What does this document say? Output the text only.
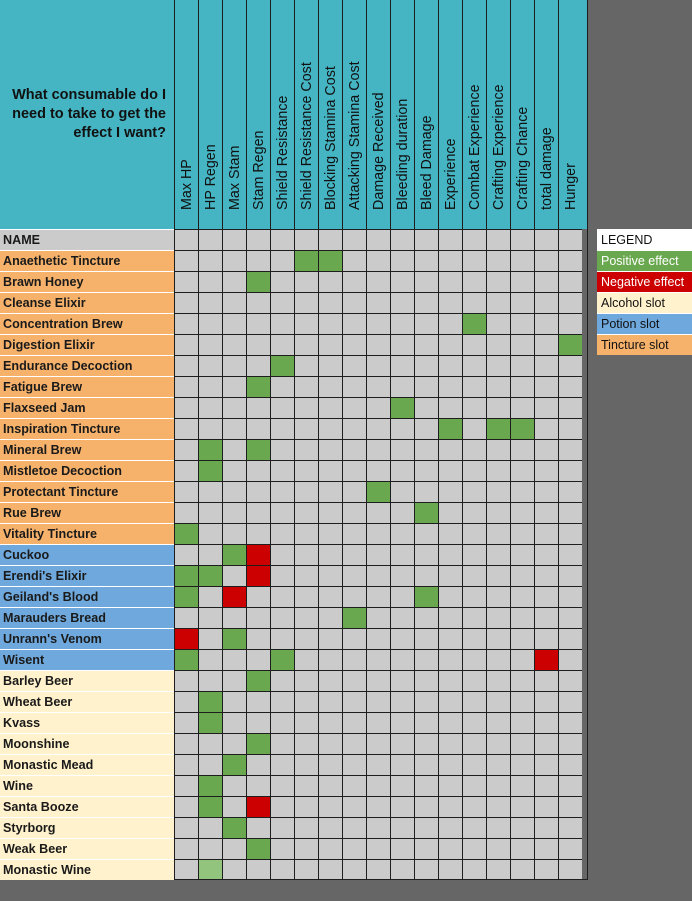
What consumable do I need to take to get the effect I want?
Max HP HP Regen Max Stam Stam Regen Shield Resistance Shield Resistance Cost Blocking Stamina Cost Attacking Stamina Cost Damage Received Bleeding duration Bleed Damage Experience Combat Experience Crafting Experience Crafting Chance total damage Hunger
NAME
Anaethetic Tincture
Brawn Honey
Cleanse Elixir
Concentration Brew
Digestion Elixir
Endurance Decoction
Fatigue Brew
Flaxseed Jam
Inspiration Tincture
Mineral Brew
Mistletoe Decoction
Protectant Tincture
Rue Brew
Vitality Tincture
Cuckoo
Erendi's Elixir
Geiland's Blood
Marauders Bread
Unrann's Venom
Wisent
Barley Beer
Wheat Beer
Kvass
Moonshine
Monastic Mead
Wine
Santa Booze
Styrborg
Weak Beer
Monastic Wine
LEGEND
Positive effect
Negative effect
Alcohol slot
Potion slot
Tincture slot
